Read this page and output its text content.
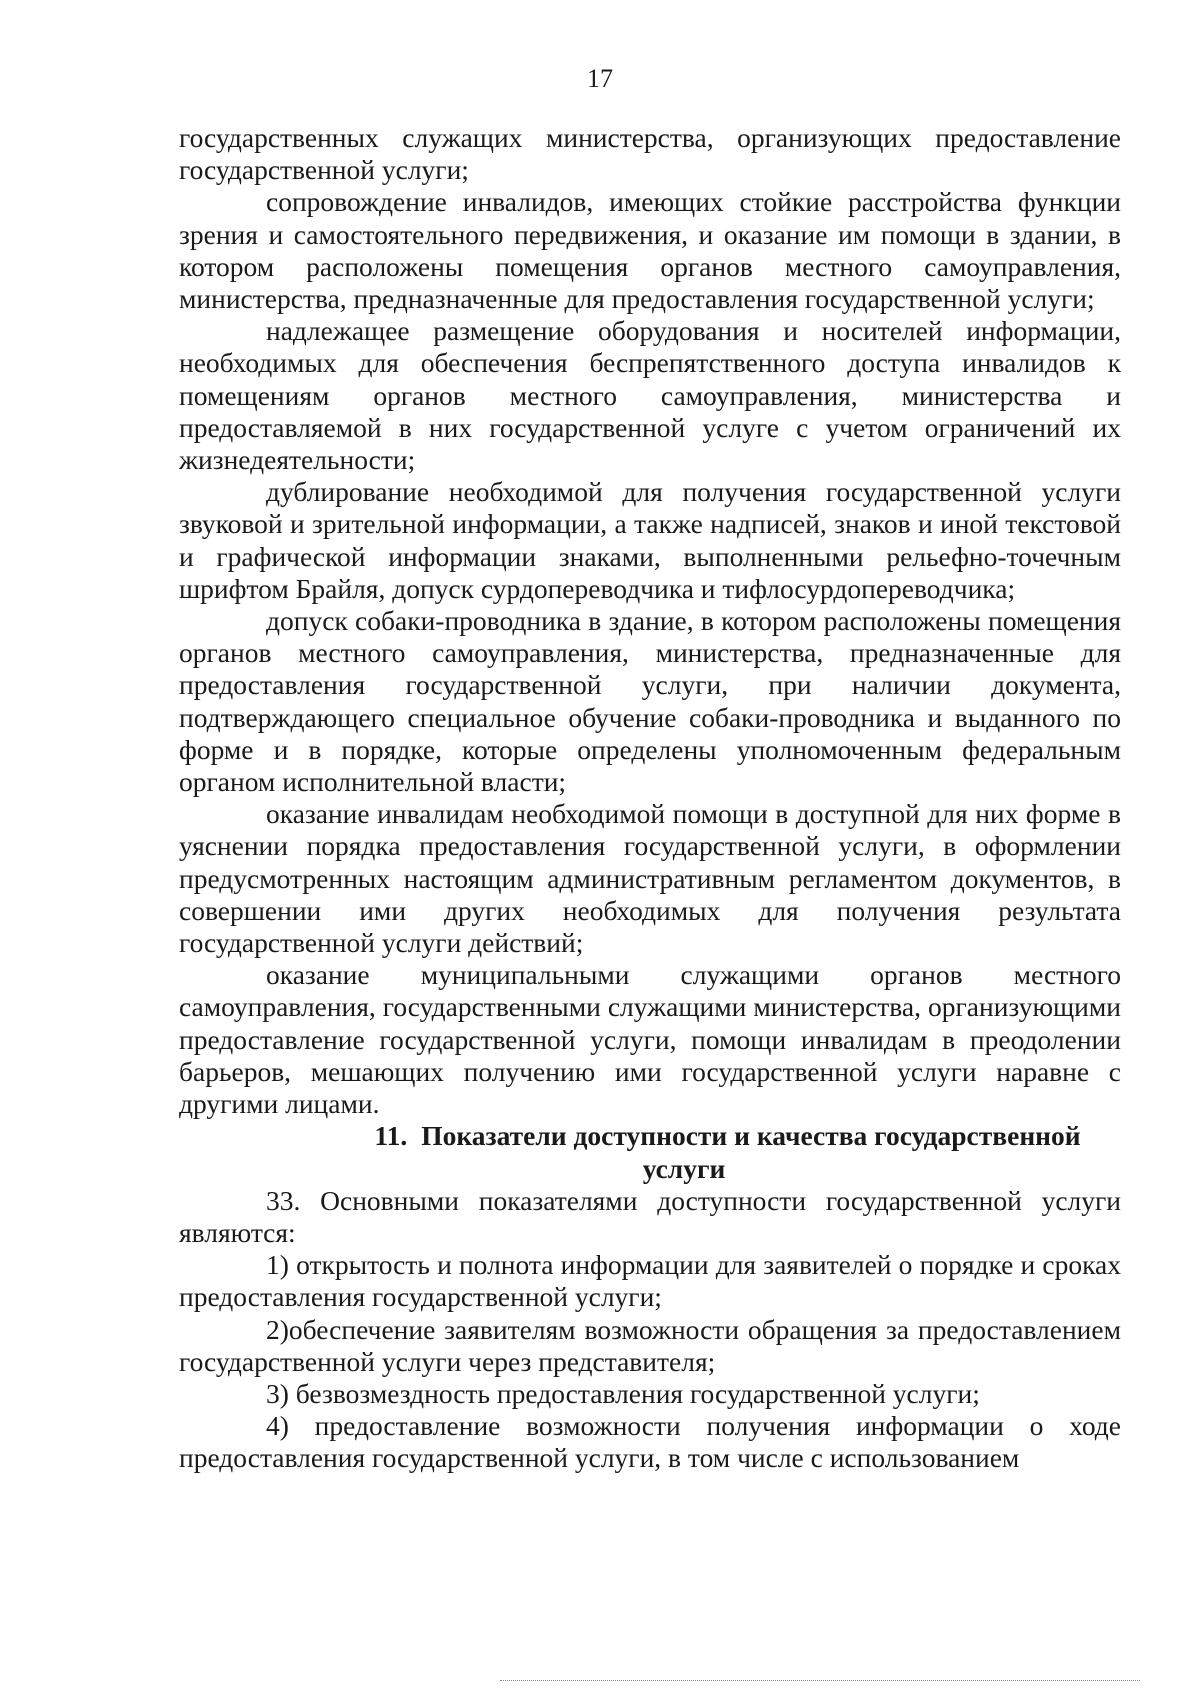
17

государственных служащих министерства, организующих предоставление государственной услуги;

сопровождение инвалидов, имеющих стойкие расстройства функции зрения и самостоятельного передвижения, и оказание им помощи в здании, в котором расположены помещения органов местного самоуправления, министерства, предназначенные для предоставления государственной услуги;

надлежащее размещение оборудования и носителей информации, необходимых для обеспечения беспрепятственного доступа инвалидов к помещениям органов местного самоуправления, министерства и предоставляемой в них государственной услуге с учетом ограничений их жизнедеятельности;

дублирование необходимой для получения государственной услуги звуковой и зрительной информации, а также надписей, знаков и иной текстовой и графической информации знаками, выполненными рельефно-точечным шрифтом Брайля, допуск сурдопереводчика и тифлосурдопереводчика;

допуск собаки-проводника в здание, в котором расположены помещения органов местного самоуправления, министерства, предназначенные для предоставления государственной услуги, при наличии документа, подтверждающего специальное обучение собаки-проводника и выданного по форме и в порядке, которые определены уполномоченным федеральным органом исполнительной власти;

оказание инвалидам необходимой помощи в доступной для них форме в уяснении порядка предоставления государственной услуги, в оформлении предусмотренных настоящим административным регламентом документов, в совершении ими других необходимых для получения результата государственной услуги действий;

оказание муниципальными служащими органов местного самоуправления, государственными служащими министерства, организующими предоставление государственной услуги, помощи инвалидам в преодолении барьеров, мешающих получению ими государственной услуги наравне с другими лицами.

11. Показатели доступности и качества государственной услуги

33. Основными показателями доступности государственной услуги являются:

1) открытость и полнота информации для заявителей о порядке и сроках предоставления государственной услуги;

2)обеспечение заявителям возможности обращения за предоставлением государственной услуги через представителя;

3) безвозмездность предоставления государственной услуги;

4) предоставление возможности получения информации о ходе предоставления государственной услуги, в том числе с использованием
